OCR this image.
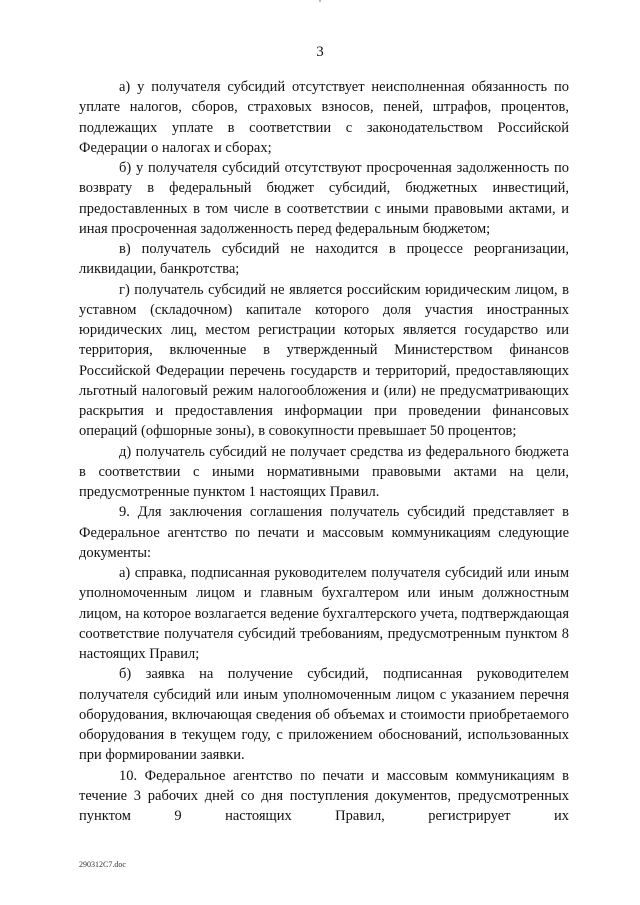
3

а) у получателя субсидий отсутствует неисполненная обязанность по уплате налогов, сборов, страховых взносов, пеней, штрафов, процентов, подлежащих уплате в соответствии с законодательством Российской Федерации о налогах и сборах;

б) у получателя субсидий отсутствуют просроченная задолженность по возврату в федеральный бюджет субсидий, бюджетных инвестиций, предоставленных в том числе в соответствии с иными правовыми актами, и иная просроченная задолженность перед федеральным бюджетом;

в) получатель субсидий не находится в процессе реорганизации, ликвидации, банкротства;

г) получатель субсидий не является российским юридическим лицом, в уставном (складочном) капитале которого доля участия иностранных юридических лиц, местом регистрации которых является государство или территория, включенные в утвержденный Министерством финансов Российской Федерации перечень государств и территорий, предоставляющих льготный налоговый режим налогообложения и (или) не предусматривающих раскрытия и предоставления информации при проведении финансовых операций (офшорные зоны), в совокупности превышает 50 процентов;

д) получатель субсидий не получает средства из федерального бюджета в соответствии с иными нормативными правовыми актами на цели, предусмотренные пунктом 1 настоящих Правил.

9. Для заключения соглашения получатель субсидий представляет в Федеральное агентство по печати и массовым коммуникациям следующие документы:

а) справка, подписанная руководителем получателя субсидий или иным уполномоченным лицом и главным бухгалтером или иным должностным лицом, на которое возлагается ведение бухгалтерского учета, подтверждающая соответствие получателя субсидий требованиям, предусмотренным пунктом 8 настоящих Правил;

б) заявка на получение субсидий, подписанная руководителем получателя субсидий или иным уполномоченным лицом с указанием перечня оборудования, включающая сведения об объемах и стоимости приобретаемого оборудования в текущем году, с приложением обоснований, использованных при формировании заявки.

10. Федеральное агентство по печати и массовым коммуникациям в течение 3 рабочих дней со дня поступления документов, предусмотренных пунктом 9 настоящих Правил, регистрирует их

290312C7.doc
